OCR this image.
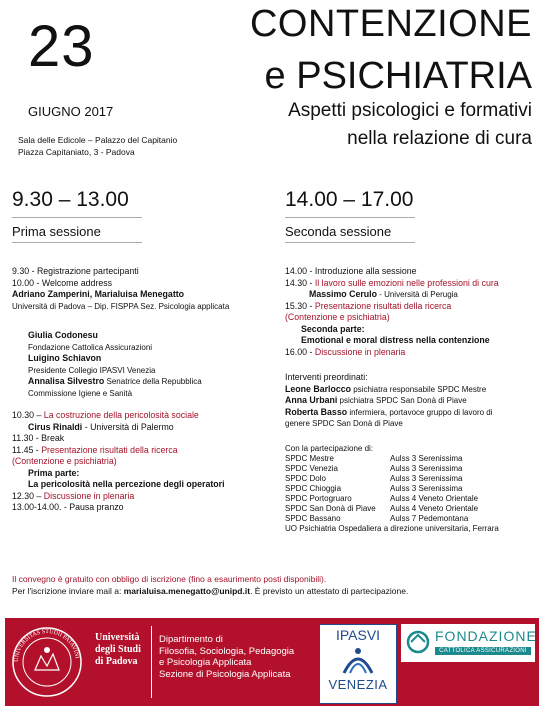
23
GIUGNO 2017
Sala delle Edicole – Palazzo del Capitanio
Piazza Capitaniato, 3 - Padova
CONTENZIONE
e PSICHIATRIA
Aspetti psicologici e formativi
nella relazione di cura
9.30 – 13.00
Prima sessione
9.30 - Registrazione partecipanti
10.00 - Welcome address
Adriano Zamperini, Marialuisa Menegatto
Università di Padova – Dip. FISPPA Sez. Psicologia applicata
Giulia Codonesu
Fondazione Cattolica Assicurazioni
Luigino Schiavon
Presidente Collegio IPASVI Venezia
Annalisa Silvestro Senatrice della Repubblica
Commissione Igiene e Sanità
10.30 – La costruzione della pericolosità sociale
Cirus Rinaldi - Università di Palermo
11.30 - Break
11.45 - Presentazione risultati della ricerca
(Contenzione e psichiatria)
Prima parte:
La pericolosità nella percezione degli operatori
12.30 – Discussione in plenaria
13.00-14.00. - Pausa pranzo
14.00 – 17.00
Seconda sessione
14.00 - Introduzione alla sessione
14.30 - Il lavoro sulle emozioni nelle professioni di cura
Massimo Cerulo - Università di Perugia
15.30 - Presentazione risultati della ricerca
(Contenzione e psichiatria)
Seconda parte:
Emotional e moral distress nella contenzione
16.00 - Discussione in plenaria
Interventi preordinati:
Leone Barlocco psichiatra responsabile SPDC Mestre
Anna Urbani psichiatra SPDC San Donà di Piave
Roberta Basso infermiera, portavoce gruppo di lavoro di
genere SPDC San Donà di Piave
Con la partecipazione di:
SPDC Mestre	Aulss 3 Serenissima
SPDC Venezia	Aulss 3 Serenissima
SPDC Dolo	Aulss 3 Serenissima
SPDC Chioggia	Aulss 3 Serenissima
SPDC Portogruaro	Aulss 4 Veneto Orientale
SPDC San Donà di Piave	Aulss 4 Veneto Orientale
SPDC Bassano	Aulss 7 Pedemontana
UO Psichiatria Ospedaliera a direzione universitaria, Ferrara
Il convegno è gratuito con obbligo di iscrizione (fino a esaurimento posti disponibili).
Per l'iscrizione inviare mail a: marialuisa.menegatto@unipd.it. È previsto un attestato di partecipazione.
UNIVERSITAS STUDII PATAVINI
Università
degli Studi
di Padova
Dipartimento di
Filosofia, Sociologia, Pedagogia
e Psicologia Applicata
Sezione di Psicologia Applicata
IPASVI
VENEZIA
FONDAZIONE
CATTOLICA ASSICURAZIONI
